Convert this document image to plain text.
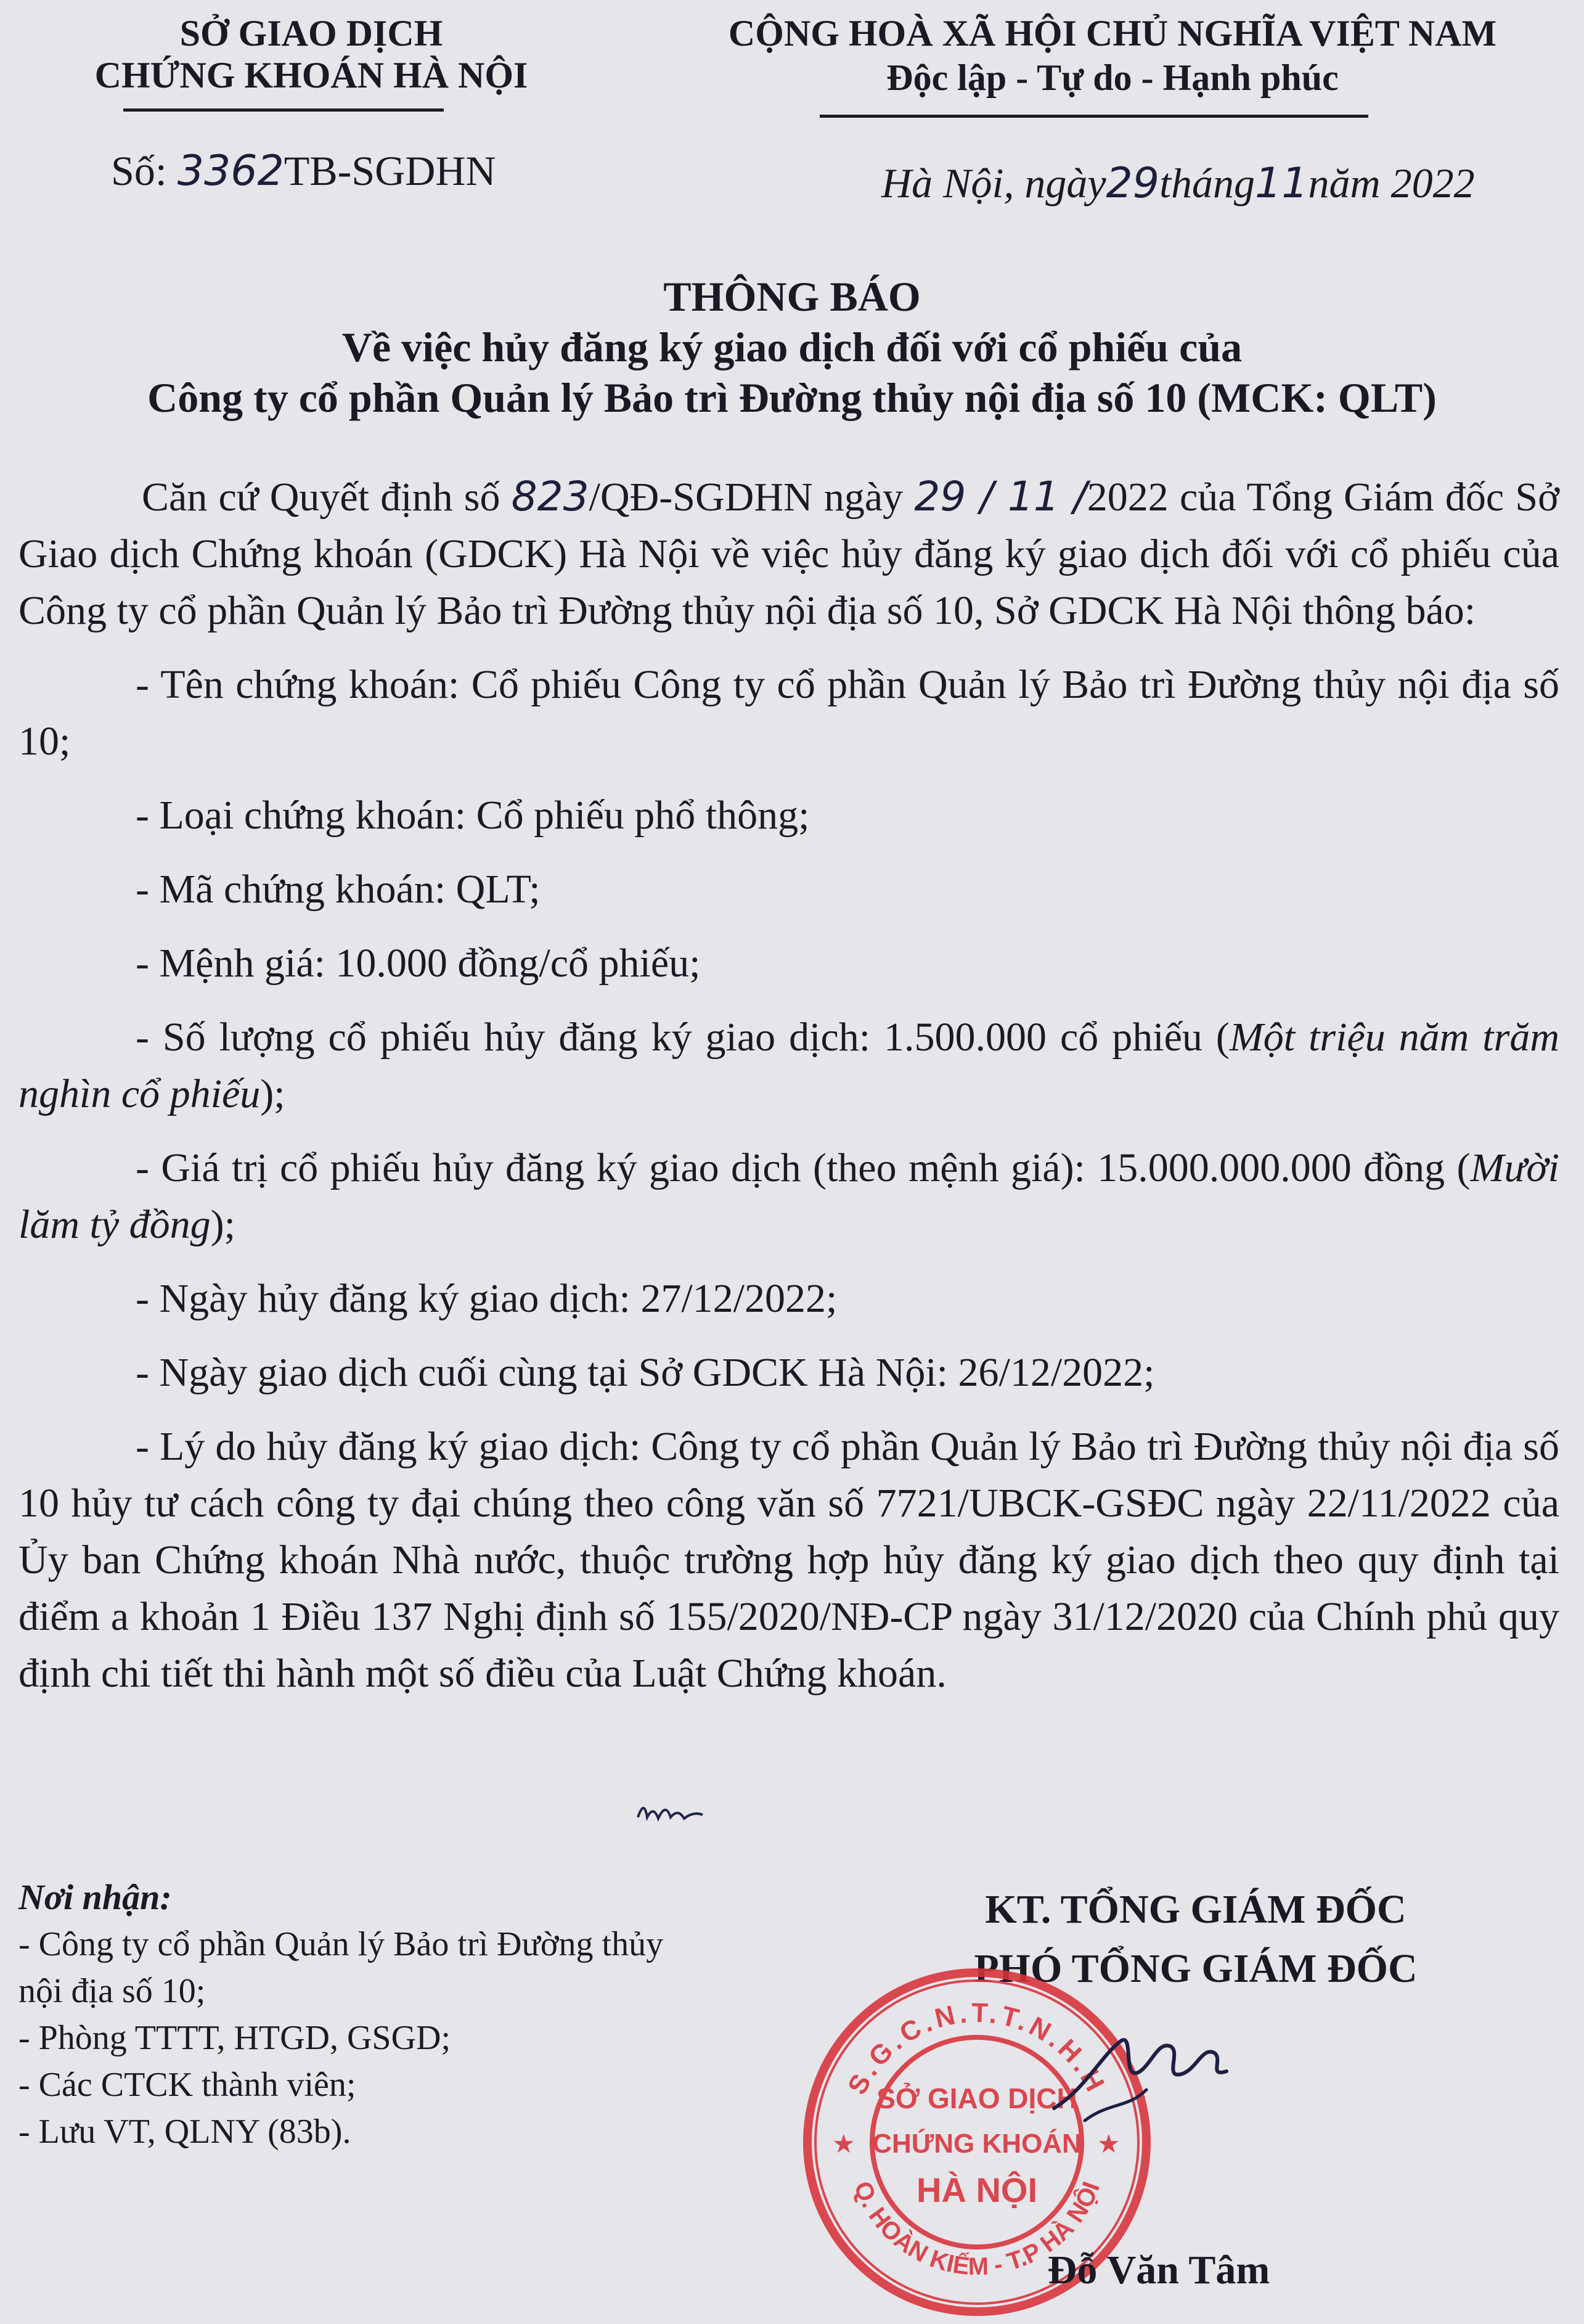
SỞ GIAO DỊCH
CHỨNG KHOÁN HÀ NỘI
CỘNG HOÀ XÃ HỘI CHỦ NGHĨA VIỆT NAM
Độc lập - Tự do - Hạnh phúc
Số: 3362TB-SGDHN	Hà Nội, ngày29tháng11năm 2022
THÔNG BÁO
Về việc hủy đăng ký giao dịch đối với cổ phiếu của
Công ty cổ phần Quản lý Bảo trì Đường thủy nội địa số 10 (MCK: QLT)

Căn cứ Quyết định số 823/QĐ-SGDHN ngày 29 / 11 /2022 của Tổng Giám đốc Sở Giao dịch Chứng khoán (GDCK) Hà Nội về việc hủy đăng ký giao dịch đối với cổ phiếu của Công ty cổ phần Quản lý Bảo trì Đường thủy nội địa số 10, Sở GDCK Hà Nội thông báo:

- Tên chứng khoán: Cổ phiếu Công ty cổ phần Quản lý Bảo trì Đường thủy nội địa số 10;

- Loại chứng khoán: Cổ phiếu phổ thông;

- Mã chứng khoán: QLT;

- Mệnh giá: 10.000 đồng/cổ phiếu;

- Số lượng cổ phiếu hủy đăng ký giao dịch: 1.500.000 cổ phiếu (Một triệu năm trăm nghìn cổ phiếu);

- Giá trị cổ phiếu hủy đăng ký giao dịch (theo mệnh giá): 15.000.000.000 đồng (Mười lăm tỷ đồng);

- Ngày hủy đăng ký giao dịch: 27/12/2022;

- Ngày giao dịch cuối cùng tại Sở GDCK Hà Nội: 26/12/2022;

- Lý do hủy đăng ký giao dịch: Công ty cổ phần Quản lý Bảo trì Đường thủy nội địa số 10 hủy tư cách công ty đại chúng theo công văn số 7721/UBCK-GSĐC ngày 22/11/2022 của Ủy ban Chứng khoán Nhà nước, thuộc trường hợp hủy đăng ký giao dịch theo quy định tại điểm a khoản 1 Điều 137 Nghị định số 155/2020/NĐ-CP ngày 31/12/2020 của Chính phủ quy định chi tiết thi hành một số điều của Luật Chứng khoán.

Nơi nhận:
- Công ty cổ phần Quản lý Bảo trì Đường thủy nội địa số 10;
- Phòng TTTT, HTGD, GSGD;
- Các CTCK thành viên;
- Lưu VT, QLNY (83b).
KT. TỔNG GIÁM ĐỐC
PHÓ TỔNG GIÁM ĐỐC
S.G.C.N.T.T.N.H.H
Q. HOÀN KIẾM - T.P HÀ NỘI
★	★
SỞ GIAO DỊCH
CHỨNG KHOÁN
HÀ NỘI
Đỗ Văn Tâm
